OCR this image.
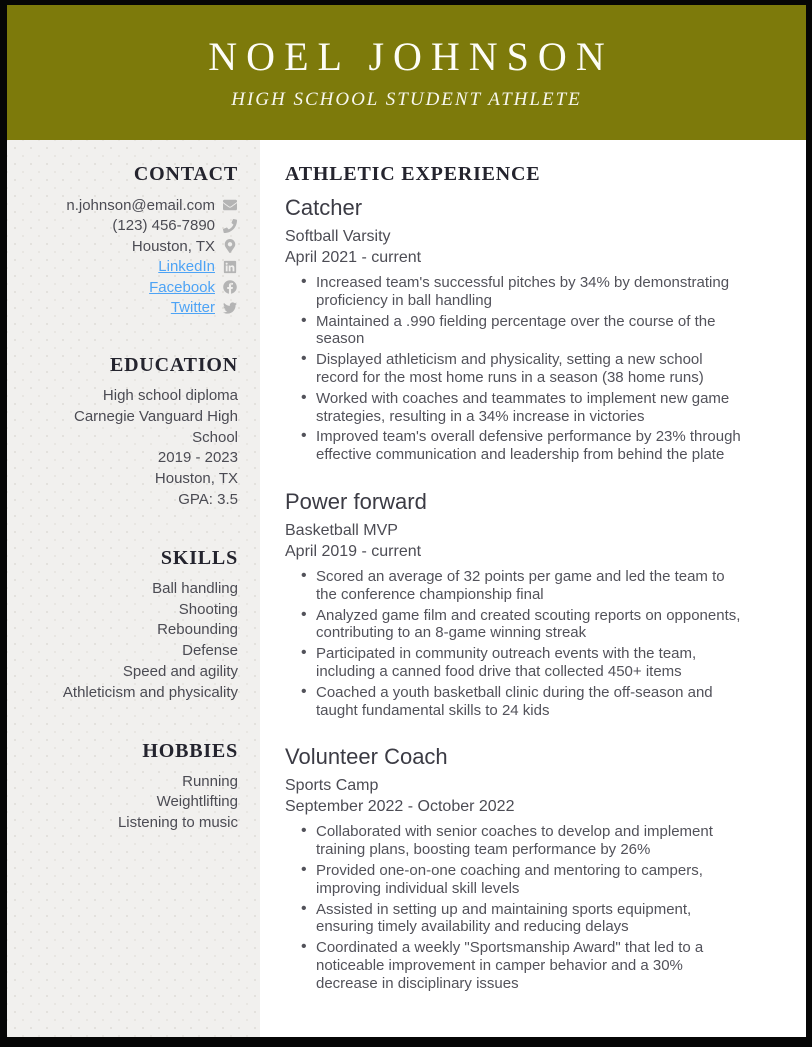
NOEL JOHNSON
HIGH SCHOOL STUDENT ATHLETE
CONTACT
n.johnson@email.com
(123) 456-7890
Houston, TX
LinkedIn
Facebook
Twitter
EDUCATION
High school diploma
Carnegie Vanguard High School
2019 - 2023
Houston, TX
GPA: 3.5
SKILLS
Ball handling
Shooting
Rebounding
Defense
Speed and agility
Athleticism and physicality
HOBBIES
Running
Weightlifting
Listening to music
ATHLETIC EXPERIENCE
Catcher
Softball Varsity
April 2021 - current
• Increased team's successful pitches by 34% by demonstrating proficiency in ball handling
• Maintained a .990 fielding percentage over the course of the season
• Displayed athleticism and physicality, setting a new school record for the most home runs in a season (38 home runs)
• Worked with coaches and teammates to implement new game strategies, resulting in a 34% increase in victories
• Improved team's overall defensive performance by 23% through effective communication and leadership from behind the plate
Power forward
Basketball MVP
April 2019 - current
• Scored an average of 32 points per game and led the team to the conference championship final
• Analyzed game film and created scouting reports on opponents, contributing to an 8-game winning streak
• Participated in community outreach events with the team, including a canned food drive that collected 450+ items
• Coached a youth basketball clinic during the off-season and taught fundamental skills to 24 kids
Volunteer Coach
Sports Camp
September 2022 - October 2022
• Collaborated with senior coaches to develop and implement training plans, boosting team performance by 26%
• Provided one-on-one coaching and mentoring to campers, improving individual skill levels
• Assisted in setting up and maintaining sports equipment, ensuring timely availability and reducing delays
• Coordinated a weekly "Sportsmanship Award" that led to a noticeable improvement in camper behavior and a 30% decrease in disciplinary issues
